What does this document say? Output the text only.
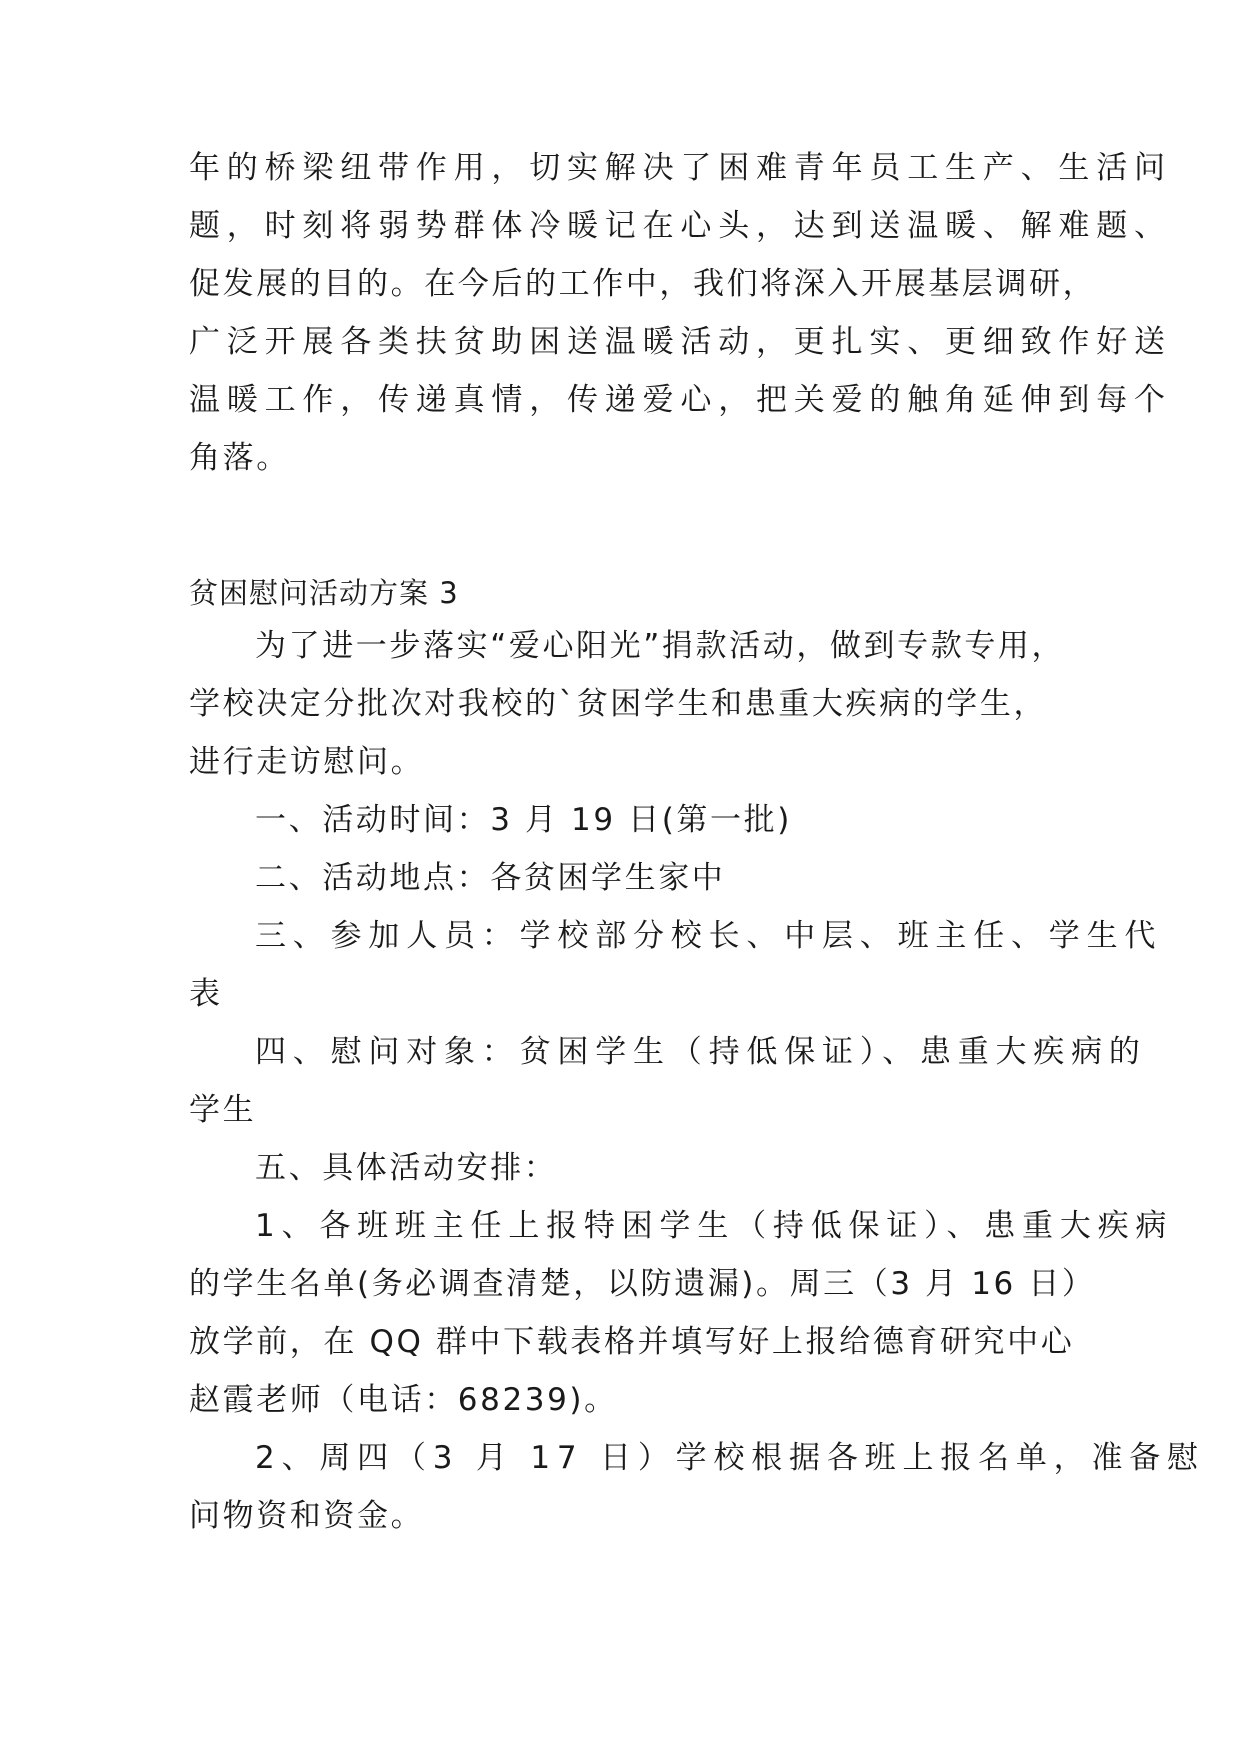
年的桥梁纽带作用，切实解决了困难青年员工生产、生活问
题，时刻将弱势群体冷暖记在心头，达到送温暖、解难题、
促发展的目的。在今后的工作中，我们将深入开展基层调研，
广泛开展各类扶贫助困送温暖活动，更扎实、更细致作好送
温暖工作，传递真情，传递爱心，把关爱的触角延伸到每个
角落。
贫困慰问活动方案 3
为了进一步落实“爱心阳光”捐款活动，做到专款专用，
学校决定分批次对我校的`贫困学生和患重大疾病的学生，
进行走访慰问。
一、活动时间：3 月 19 日(第一批)
二、活动地点：各贫困学生家中
三、参加人员：学校部分校长、中层、班主任、学生代
表
四、慰问对象：贫困学生（持低保证）、患重大疾病的
学生
五、具体活动安排：
1、各班班主任上报特困学生（持低保证）、患重大疾病
的学生名单(务必调查清楚，以防遗漏)。周三（3 月 16 日）
放学前，在 QQ 群中下载表格并填写好上报给德育研究中心
赵霞老师（电话：68239)。
2、周四（3 月 17 日）学校根据各班上报名单，准备慰
问物资和资金。
